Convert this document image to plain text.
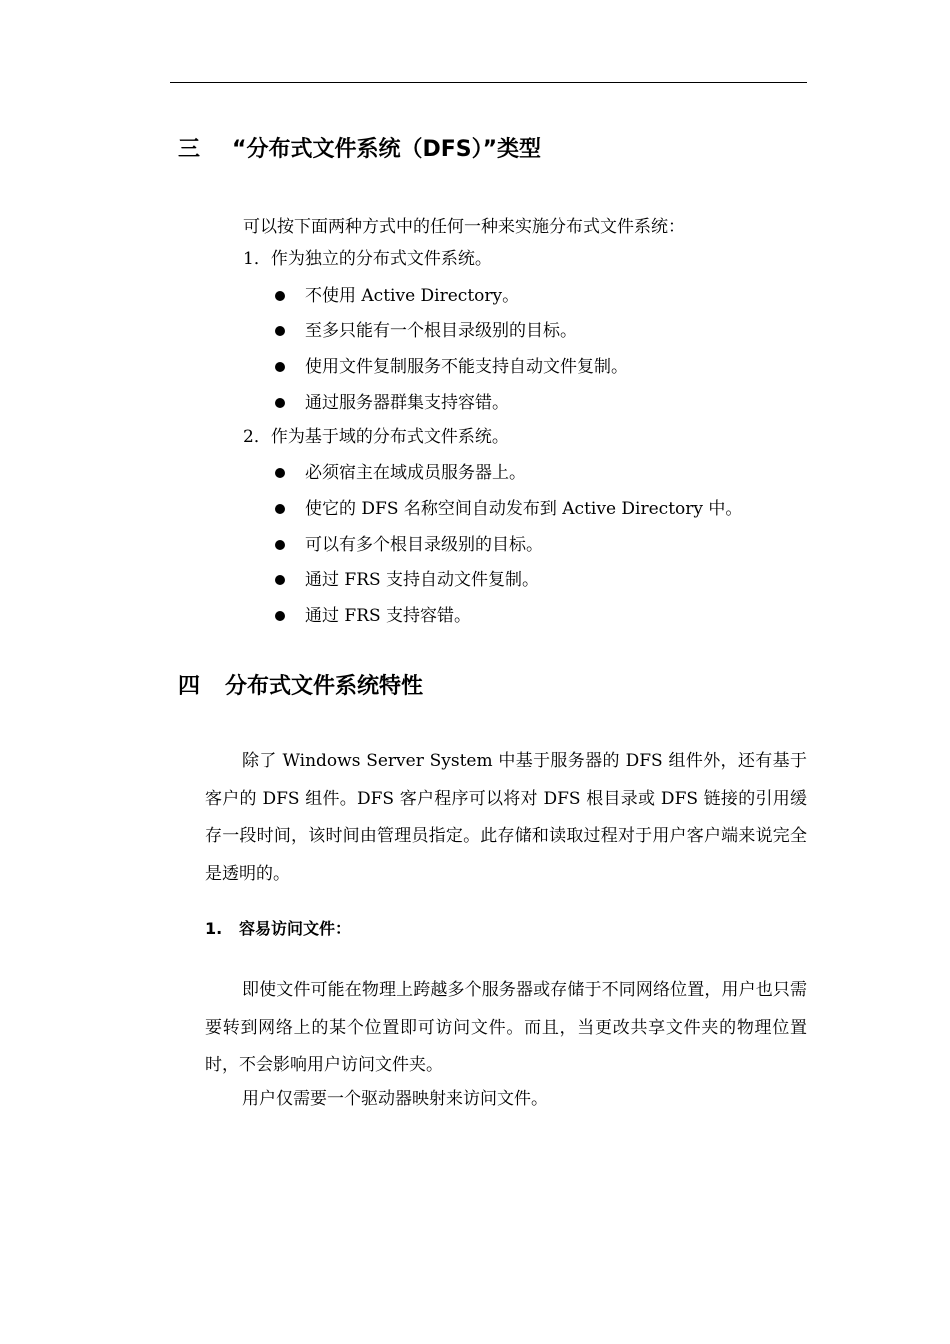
三 “分布式文件系统（DFS）”类型
可以按下面两种方式中的任何一种来实施分布式文件系统：
1．作为独立的分布式文件系统。
不使用 Active Directory。
至多只能有一个根目录级别的目标。
使用文件复制服务不能支持自动文件复制。
通过服务器群集支持容错。
2．作为基于域的分布式文件系统。
必须宿主在域成员服务器上。
使它的 DFS 名称空间自动发布到 Active Directory 中。
可以有多个根目录级别的目标。
通过 FRS 支持自动文件复制。
通过 FRS 支持容错。
四 分布式文件系统特性
除了 Windows Server System 中基于服务器的 DFS 组件外，还有基于客户的 DFS 组件。DFS 客户程序可以将对 DFS 根目录或 DFS 链接的引用缓存一段时间，该时间由管理员指定。此存储和读取过程对于用户客户端来说完全是透明的。
1. 容易访问文件：
即使文件可能在物理上跨越多个服务器或存储于不同网络位置，用户也只需要转到网络上的某个位置即可访问文件。而且，当更改共享文件夹的物理位置时，不会影响用户访问文件夹。
用户仅需要一个驱动器映射来访问文件。
